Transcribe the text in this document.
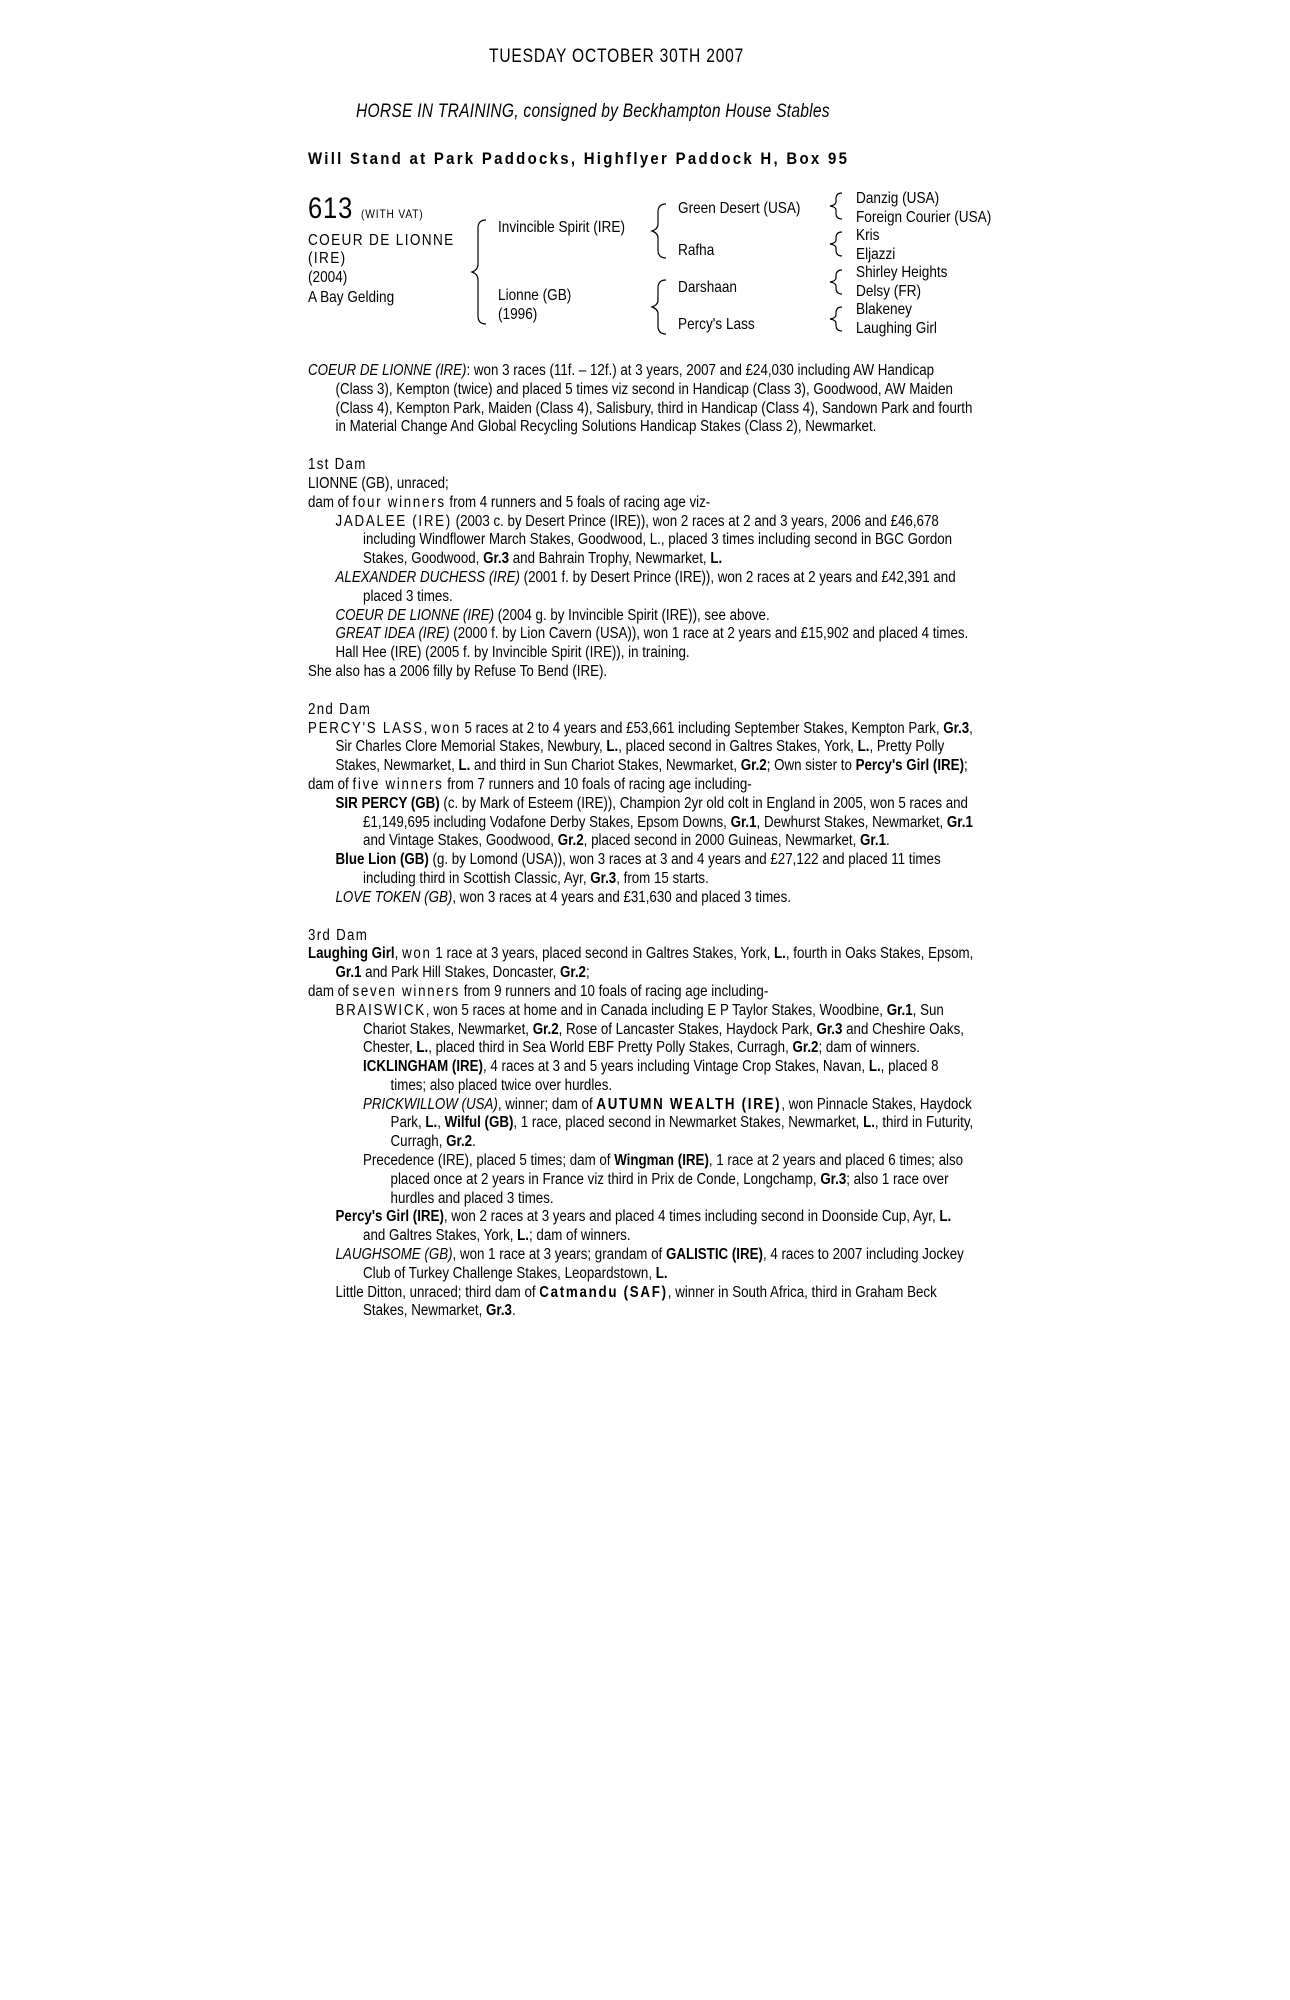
TUESDAY OCTOBER 30TH 2007
HORSE IN TRAINING, consigned by Beckhampton House Stables
Will Stand at Park Paddocks, Highflyer Paddock H, Box 95
613 (WITH VAT)
COEUR DE LIONNE
(IRE)
(2004)
A Bay Gelding
Invincible Spirit (IRE)
Lionne (GB)
(1996)
Green Desert (USA)
Rafha
Darshaan
Percy's Lass
Danzig (USA)
Foreign Courier (USA)
Kris
Eljazzi
Shirley Heights
Delsy (FR)
Blakeney
Laughing Girl

COEUR DE LIONNE (IRE): won 3 races (11f. – 12f.) at 3 years, 2007 and £24,030 including AW Handicap (Class 3), Kempton (twice) and placed 5 times viz second in Handicap (Class 3), Goodwood, AW Maiden (Class 4), Kempton Park, Maiden (Class 4), Salisbury, third in Handicap (Class 4), Sandown Park and fourth in Material Change And Global Recycling Solutions Handicap Stakes (Class 2), Newmarket.

1st Dam

LIONNE (GB), unraced;

dam of four winners from 4 runners and 5 foals of racing age viz-

JADALEE (IRE) (2003 c. by Desert Prince (IRE)), won 2 races at 2 and 3 years, 2006 and £46,678 including Windflower March Stakes, Goodwood, L., placed 3 times including second in BGC Gordon Stakes, Goodwood, Gr.3 and Bahrain Trophy, Newmarket, L.

ALEXANDER DUCHESS (IRE) (2001 f. by Desert Prince (IRE)), won 2 races at 2 years and £42,391 and placed 3 times.

COEUR DE LIONNE (IRE) (2004 g. by Invincible Spirit (IRE)), see above.

GREAT IDEA (IRE) (2000 f. by Lion Cavern (USA)), won 1 race at 2 years and £15,902 and placed 4 times.

Hall Hee (IRE) (2005 f. by Invincible Spirit (IRE)), in training.

She also has a 2006 filly by Refuse To Bend (IRE).

2nd Dam

PERCY'S LASS, won 5 races at 2 to 4 years and £53,661 including September Stakes, Kempton Park, Gr.3, Sir Charles Clore Memorial Stakes, Newbury, L., placed second in Galtres Stakes, York, L., Pretty Polly Stakes, Newmarket, L. and third in Sun Chariot Stakes, Newmarket, Gr.2; Own sister to Percy's Girl (IRE);

dam of five winners from 7 runners and 10 foals of racing age including-

SIR PERCY (GB) (c. by Mark of Esteem (IRE)), Champion 2yr old colt in England in 2005, won 5 races and £1,149,695 including Vodafone Derby Stakes, Epsom Downs, Gr.1, Dewhurst Stakes, Newmarket, Gr.1 and Vintage Stakes, Goodwood, Gr.2, placed second in 2000 Guineas, Newmarket, Gr.1.

Blue Lion (GB) (g. by Lomond (USA)), won 3 races at 3 and 4 years and £27,122 and placed 11 times including third in Scottish Classic, Ayr, Gr.3, from 15 starts.

LOVE TOKEN (GB), won 3 races at 4 years and £31,630 and placed 3 times.

3rd Dam

Laughing Girl, won 1 race at 3 years, placed second in Galtres Stakes, York, L., fourth in Oaks Stakes, Epsom, Gr.1 and Park Hill Stakes, Doncaster, Gr.2;

dam of seven winners from 9 runners and 10 foals of racing age including-

BRAISWICK, won 5 races at home and in Canada including E P Taylor Stakes, Woodbine, Gr.1, Sun Chariot Stakes, Newmarket, Gr.2, Rose of Lancaster Stakes, Haydock Park, Gr.3 and Cheshire Oaks, Chester, L., placed third in Sea World EBF Pretty Polly Stakes, Curragh, Gr.2; dam of winners.

ICKLINGHAM (IRE), 4 races at 3 and 5 years including Vintage Crop Stakes, Navan, L., placed 8 times; also placed twice over hurdles.

PRICKWILLOW (USA), winner; dam of AUTUMN WEALTH (IRE), won Pinnacle Stakes, Haydock Park, L., Wilful (GB), 1 race, placed second in Newmarket Stakes, Newmarket, L., third in Futurity, Curragh, Gr.2.

Precedence (IRE), placed 5 times; dam of Wingman (IRE), 1 race at 2 years and placed 6 times; also placed once at 2 years in France viz third in Prix de Conde, Longchamp, Gr.3; also 1 race over hurdles and placed 3 times.

Percy's Girl (IRE), won 2 races at 3 years and placed 4 times including second in Doonside Cup, Ayr, L. and Galtres Stakes, York, L.; dam of winners.

LAUGHSOME (GB), won 1 race at 3 years; grandam of GALISTIC (IRE), 4 races to 2007 including Jockey Club of Turkey Challenge Stakes, Leopardstown, L.

Little Ditton, unraced; third dam of Catmandu (SAF), winner in South Africa, third in Graham Beck Stakes, Newmarket, Gr.3.
